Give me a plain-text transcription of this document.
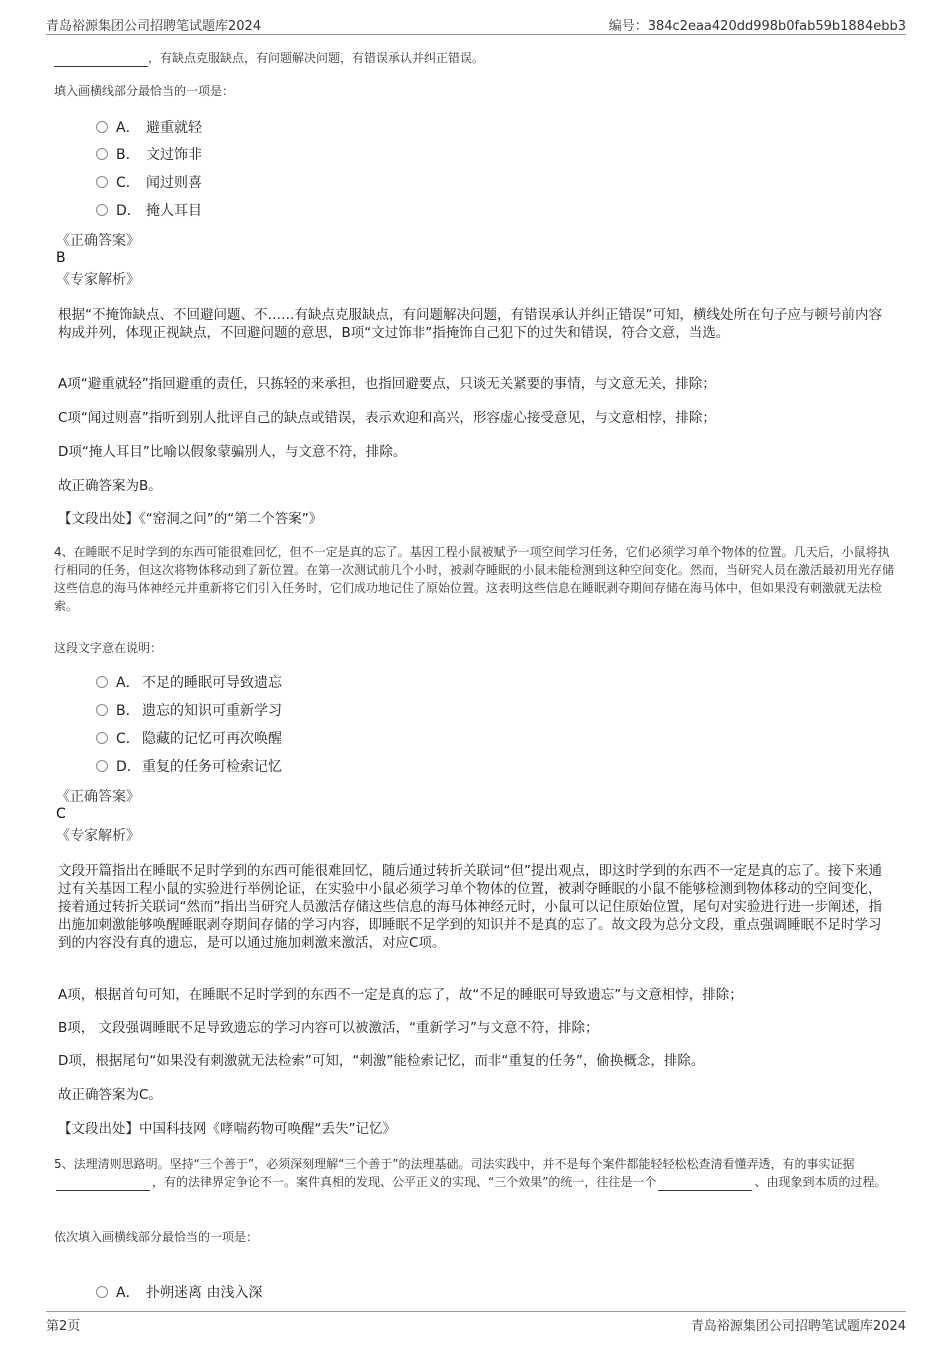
青岛裕源集团公司招聘笔试题库2024	编号：384c2eaa420dd998b0fab59b1884ebb3
，有缺点克服缺点，有问题解决问题，有错误承认并纠正错误。
填入画横线部分最恰当的一项是：
A． 避重就轻
B． 文过饰非
C． 闻过则喜
D． 掩人耳目
《正确答案》
B
《专家解析》
根据“不掩饰缺点、不回避问题、不……有缺点克服缺点，有问题解决问题，有错误承认并纠正错误”可知，横线处所在句子应与顿号前内容构成并列，体现正视缺点，不回避问题的意思，B项“文过饰非”指掩饰自己犯下的过失和错误，符合文意，当选。
A项“避重就轻”指回避重的责任，只拣轻的来承担，也指回避要点，只谈无关紧要的事情，与文意无关，排除；
C项“闻过则喜”指听到别人批评自己的缺点或错误，表示欢迎和高兴，形容虚心接受意见，与文意相悖，排除；
D项“掩人耳目”比喻以假象蒙骗别人，与文意不符，排除。
故正确答案为B。
【文段出处】《“窑洞之问”的“第二个答案”》
4、在睡眠不足时学到的东西可能很难回忆，但不一定是真的忘了。基因工程小鼠被赋予一项空间学习任务，它们必须学习单个物体的位置。几天后，小鼠将执行相同的任务，但这次将物体移动到了新位置。在第一次测试前几个小时，被剥夺睡眠的小鼠未能检测到这种空间变化。然而，当研究人员在激活最初用光存储这些信息的海马体神经元并重新将它们引入任务时，它们成功地记住了原始位置。这表明这些信息在睡眠剥夺期间存储在海马体中，但如果没有刺激就无法检索。
这段文字意在说明：
A． 不足的睡眠可导致遗忘
B． 遗忘的知识可重新学习
C． 隐藏的记忆可再次唤醒
D．重复的任务可检索记忆
《正确答案》
C
《专家解析》
文段开篇指出在睡眠不足时学到的东西可能很难回忆，随后通过转折关联词“但”提出观点，即这时学到的东西不一定是真的忘了。接下来通过有关基因工程小鼠的实验进行举例论证，在实验中小鼠必须学习单个物体的位置，被剥夺睡眠的小鼠不能够检测到物体移动的空间变化，接着通过转折关联词“然而”指出当研究人员激活存储这些信息的海马体神经元时，小鼠可以记住原始位置，尾句对实验进行进一步阐述，指出施加刺激能够唤醒睡眠剥夺期间存储的学习内容，即睡眠不足学到的知识并不是真的忘了。故文段为总分文段，重点强调睡眠不足时学习到的内容没有真的遗忘，是可以通过施加刺激来激活，对应C项。
A项，根据首句可知，在睡眠不足时学到的东西不一定是真的忘了，故“不足的睡眠可导致遗忘”与文意相悖，排除；
B项， 文段强调睡眠不足导致遗忘的学习内容可以被激活，“重新学习”与文意不符，排除；
D项，根据尾句“如果没有刺激就无法检索”可知，“刺激”能检索记忆，而非“重复的任务”，偷换概念，排除。
故正确答案为C。
【文段出处】中国科技网《哮喘药物可唤醒“丢失”记忆》
5、法理清则思路明。坚持“三个善于”，必须深刻理解“三个善于”的法理基础。司法实践中，并不是每个案件都能轻轻松松查清看懂弄透，有的事实证据，有的法律界定争论不一。案件真相的发现、公平正义的实现、“三个效果”的统一，往往是一个	、由现象到本质的过程。
依次填入画横线部分最恰当的一项是：
A． 扑朔迷离 由浅入深
第2页	青岛裕源集团公司招聘笔试题库2024
